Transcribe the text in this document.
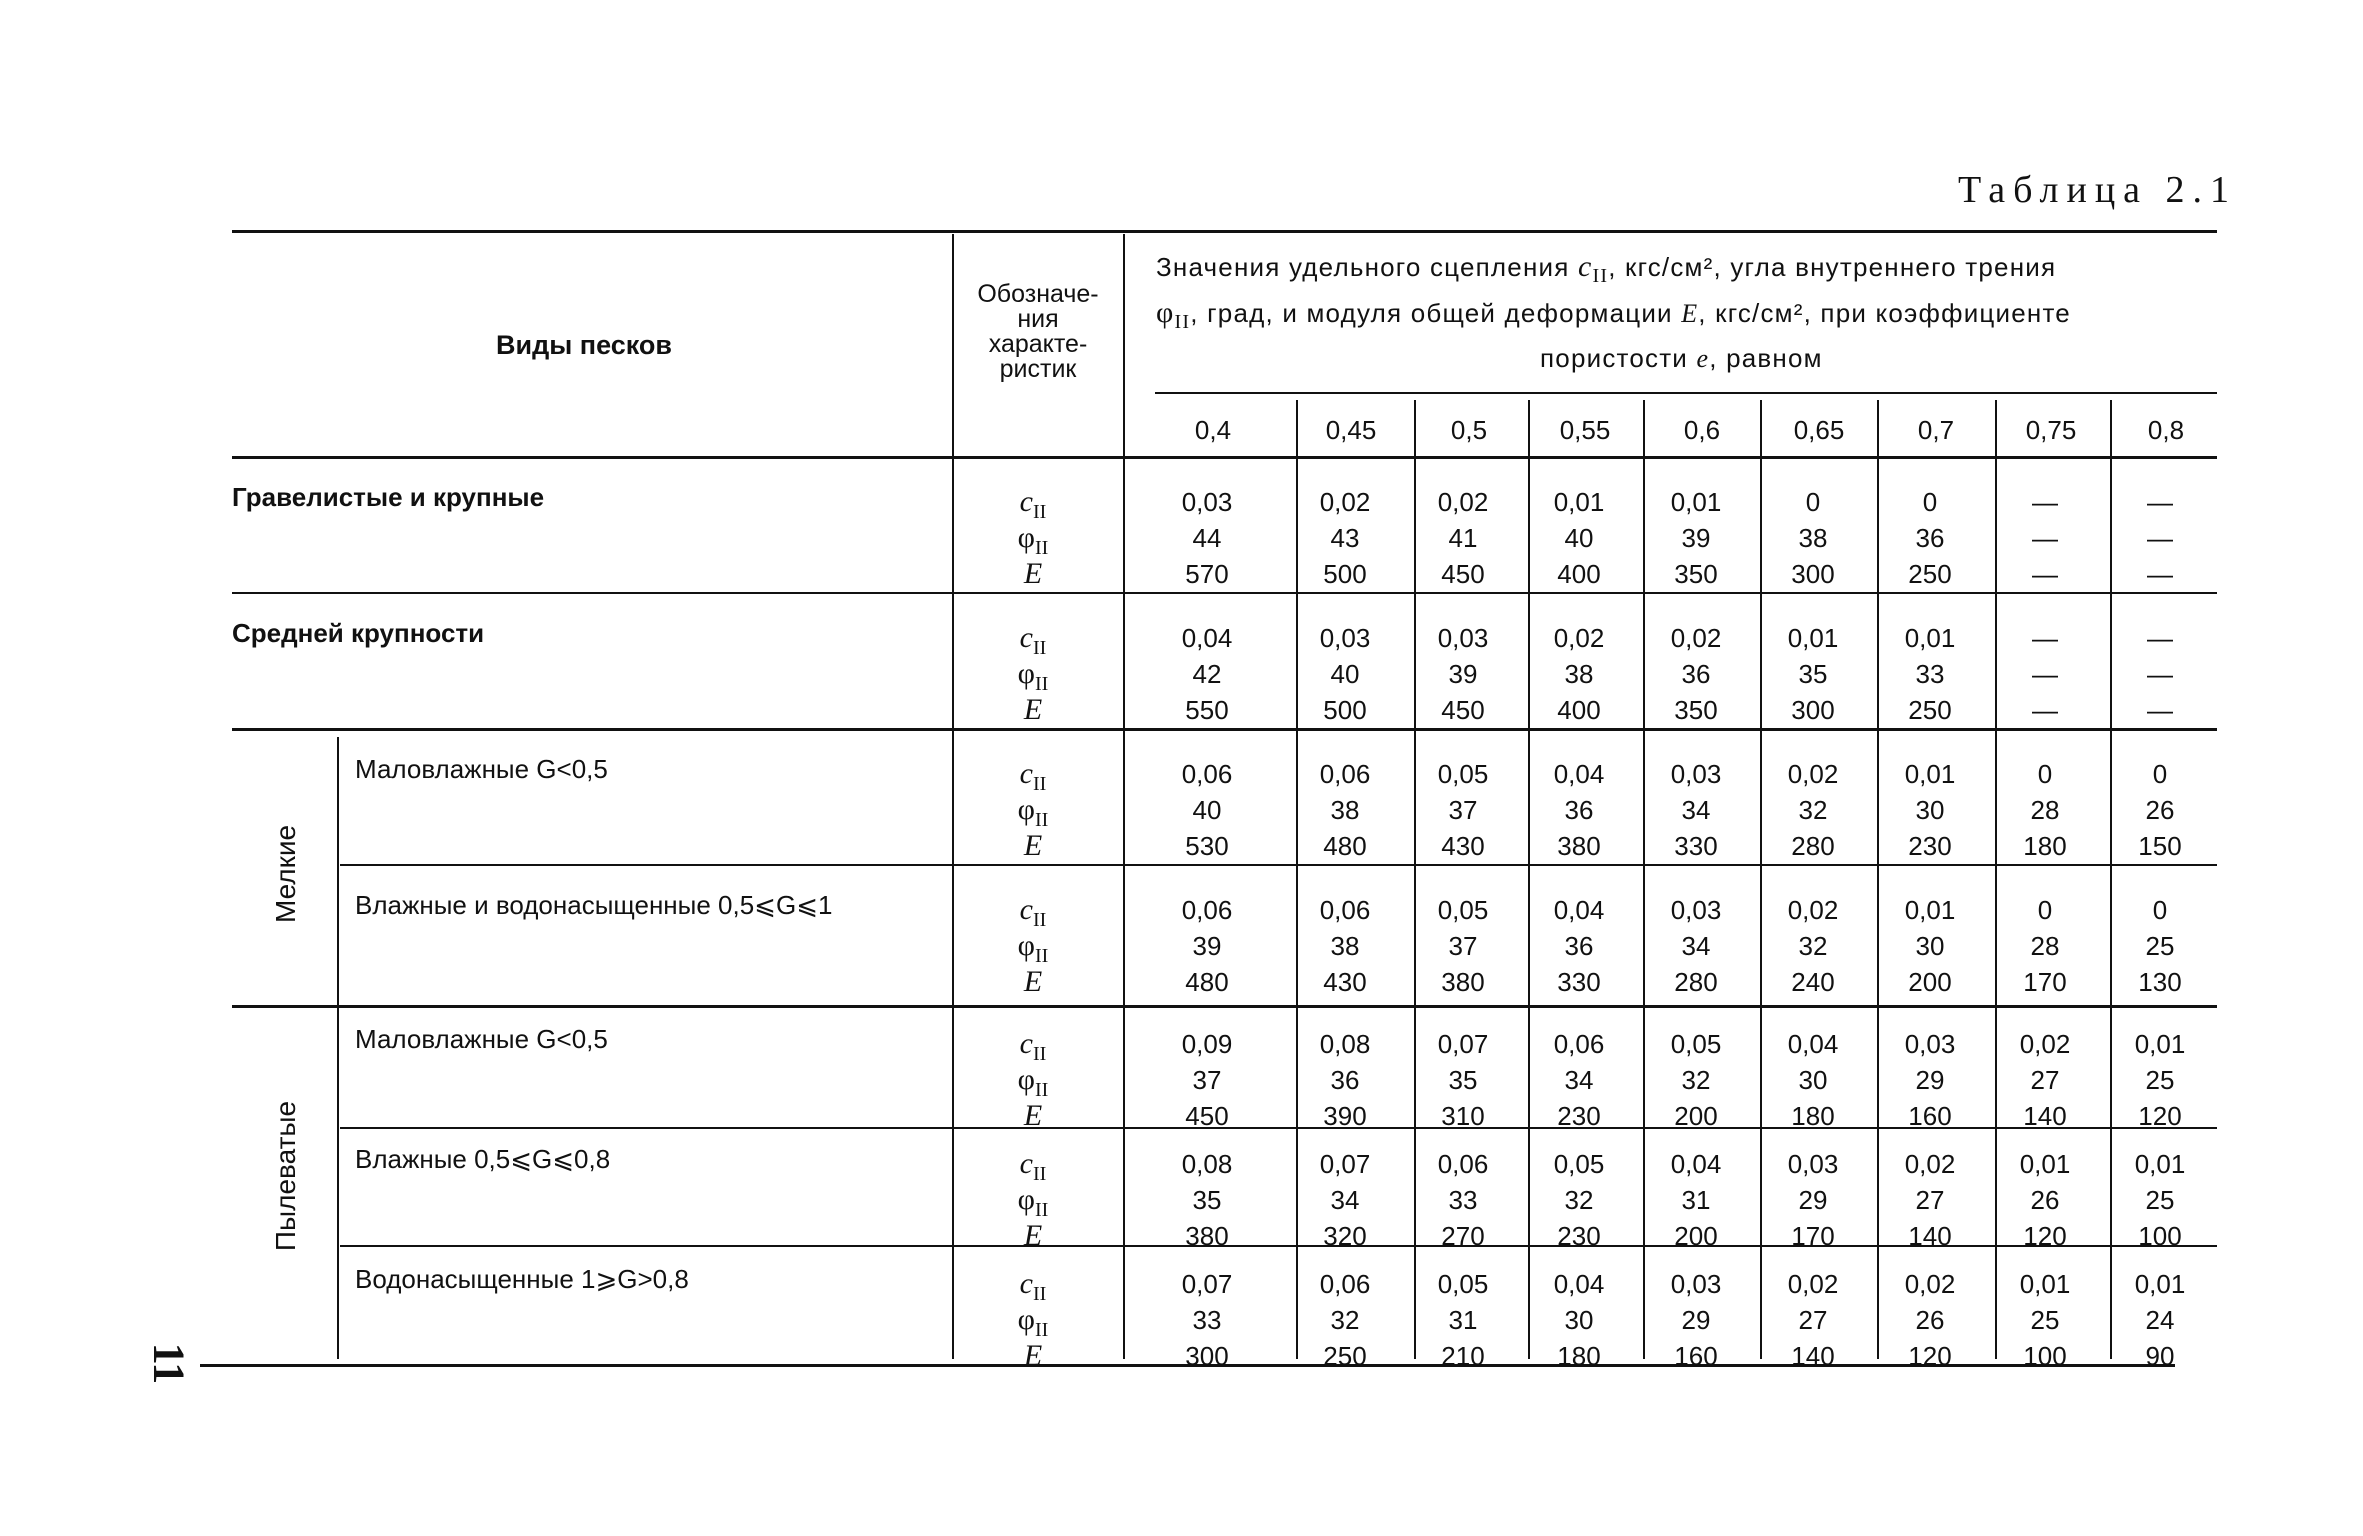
Таблица 2.1
11
Виды песков
Обозначе-
ния
характе-
ристик
Значения удельного сцепления $c_{II}$, кгс/см², угла внутреннего трения
$\varphi_{II}$, град, и модуля общей деформации E, кгс/см², при коэффициенте
пористости e, равном
0,4	0,45	0,5	0,55	0,6	0,65	0,7	0,75	0,8
Мелкие
Пылеватые
Гравелистые и крупные	$c_{II}$	0,03	0,02	0,02	0,01	0,01	0	0	—	—
$\varphi_{II}$	44	43	41	40	39	38	36	—	—
E	570	500	450	400	350	300	250	—	—
Средней крупности	$c_{II}$	0,04	0,03	0,03	0,02	0,02	0,01	0,01	—	—
$\varphi_{II}$	42	40	39	38	36	35	33	—	—
E	550	500	450	400	350	300	250	—	—
Маловлажные G<0,5	$c_{II}$	0,06	0,06	0,05	0,04	0,03	0,02	0,01	0	0
$\varphi_{II}$	40	38	37	36	34	32	30	28	26
E	530	480	430	380	330	280	230	180	150
Влажные и водонасыщенные 0,5⩽G⩽1	$c_{II}$	0,06	0,06	0,05	0,04	0,03	0,02	0,01	0	0
$\varphi_{II}$	39	38	37	36	34	32	30	28	25
E	480	430	380	330	280	240	200	170	130
Маловлажные G<0,5	$c_{II}$	0,09	0,08	0,07	0,06	0,05	0,04	0,03	0,02	0,01
$\varphi_{II}$	37	36	35	34	32	30	29	27	25
E	450	390	310	230	200	180	160	140	120
Влажные 0,5⩽G⩽0,8	$c_{II}$	0,08	0,07	0,06	0,05	0,04	0,03	0,02	0,01	0,01
$\varphi_{II}$	35	34	33	32	31	29	27	26	25
E	380	320	270	230	200	170	140	120	100
Водонасыщенные 1⩾G>0,8	$c_{II}$	0,07	0,06	0,05	0,04	0,03	0,02	0,02	0,01	0,01
$\varphi_{II}$	33	32	31	30	29	27	26	25	24
E	300	250	210	180	160	140	120	100	90
